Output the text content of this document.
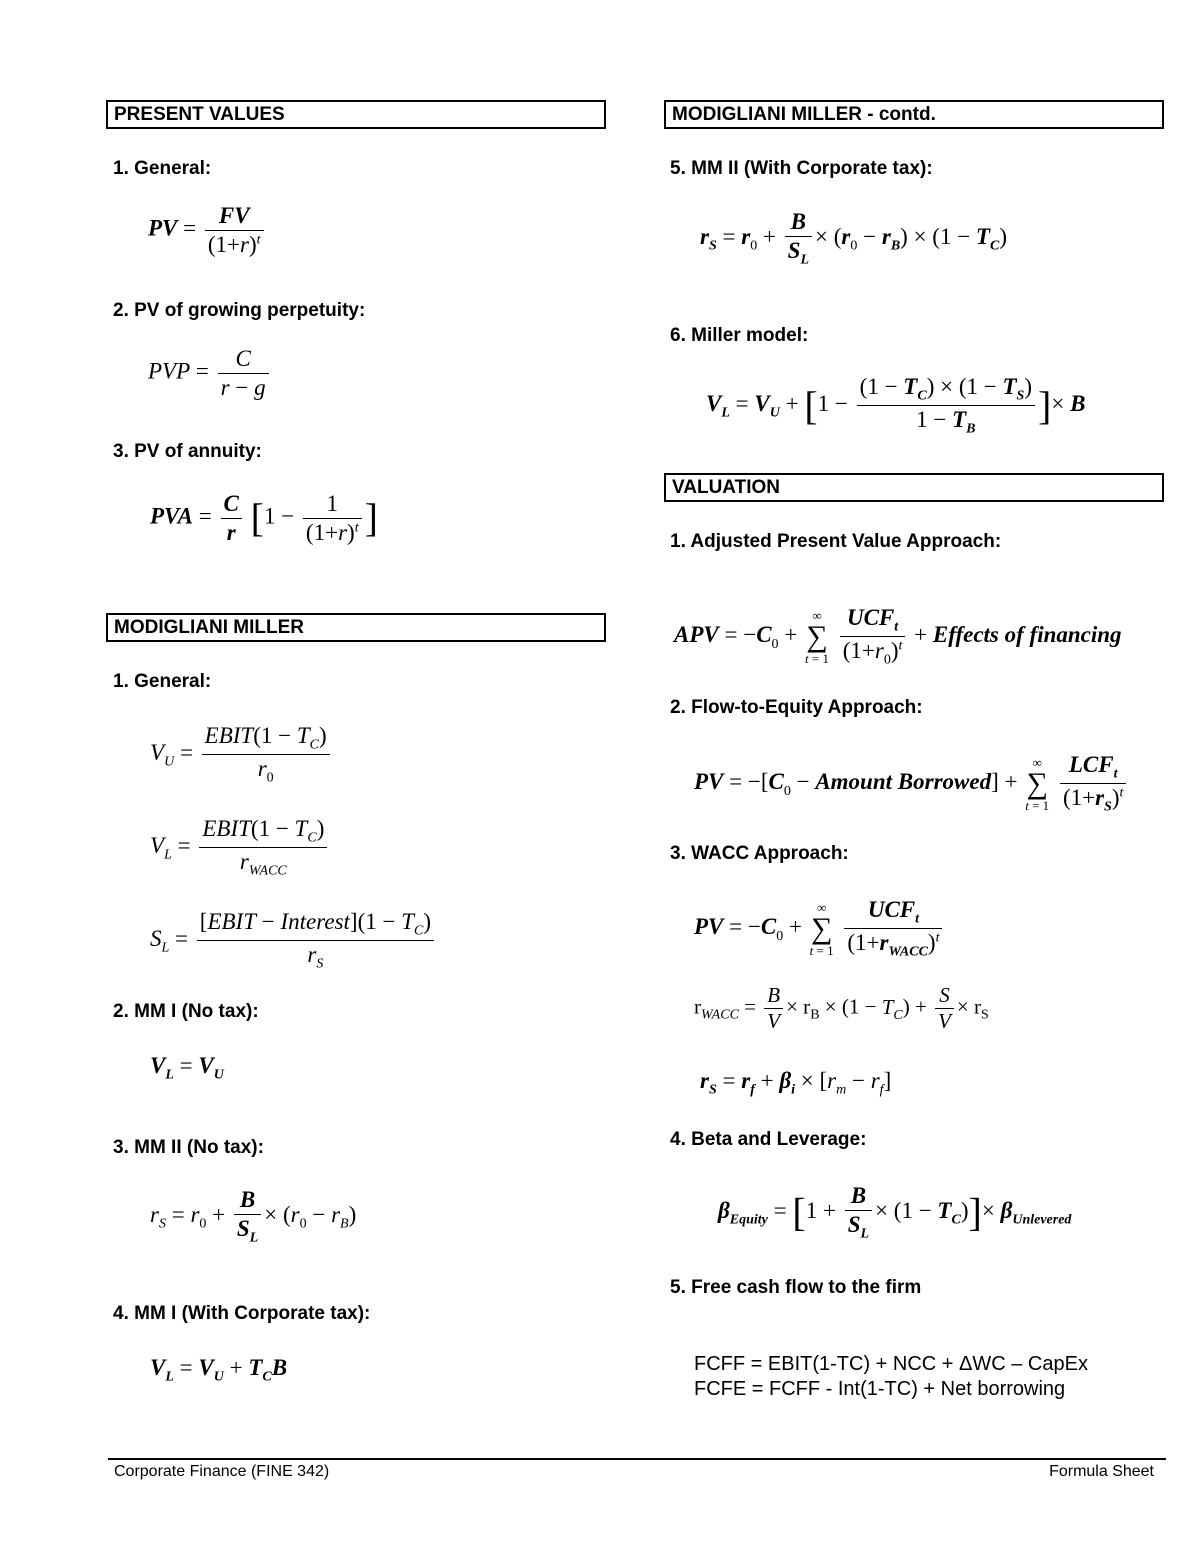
PRESENT VALUES
1. General:
PV = $\frac{FV}{(1+r)^t}$
2. PV of growing perpetuity:
PVP = $\frac{C}{r - g}$
3. PV of annuity:
PVA = $\frac{C}{r} [1 - \frac{1}{(1+r)^t}$ ]
MODIGLIANI MILLER
1. General:
$V_U = \frac{EBIT(1 - T_C)}{r_0}$
$V_L = \frac{EBIT(1 - T_C)}{r_{WACC}}$
$S_L = \frac{[EBIT - Interest](1 - T_C)}{r_S}$
2. MM I (No tax):
$V_L = V_U$
3. MM II (No tax):
$r_S = r_0 + \frac{B}{S_L} \times (r_0 - r_B)$
4. MM I (With Corporate tax):
$V_L = V_U + T_CB$
MODIGLIANI MILLER - contd.
5. MM II (With Corporate tax):
$r_S = r_0 + \frac{B}{S_L} \times (r_0 - r_B) \times (1 - T_C)$
6. Miller model:
$V_L = V_U + [1 - \frac{(1 - T_C) \times (1 - T_S)}{1 - T_B}$ ]× B
VALUATION
1. Adjusted Present Value Approach:
APV = $-C_0$ + ∞
∑
$t = 1 \frac{UCF_t}{(1+r_0)^t}$ + Effects of financing
2. Flow-to-Equity Approach:
PV = $-[C_0$ − Amount Borrowed] + ∞
∑
$t = 1 \frac{LCF_t}{(1+r_S)^t}$
3. WACC Approach:
PV = $-C_0$ + ∞
∑
$t = 1 \frac{UCF_t}{(1+r_{WACC})^t}$
$r_{WACC} = \frac{B}{V} \times r_B \times (1 - T_C) + \frac{S}{V} \times r_S$
$r_S = r_f + \beta_i \times [r_m - r_f]$
4. Beta and Leverage:
$\beta_{Equity} = [1 + \frac{B}{S_L} \times (1 - T_C)]\times \beta_{Unlevered}$
5. Free cash flow to the firm
FCFF = EBIT(1-TC) + NCC + ΔWC – CapEx
FCFE = FCFF - Int(1-TC) + Net borrowing
Corporate Finance (FINE 342)	Formula Sheet
